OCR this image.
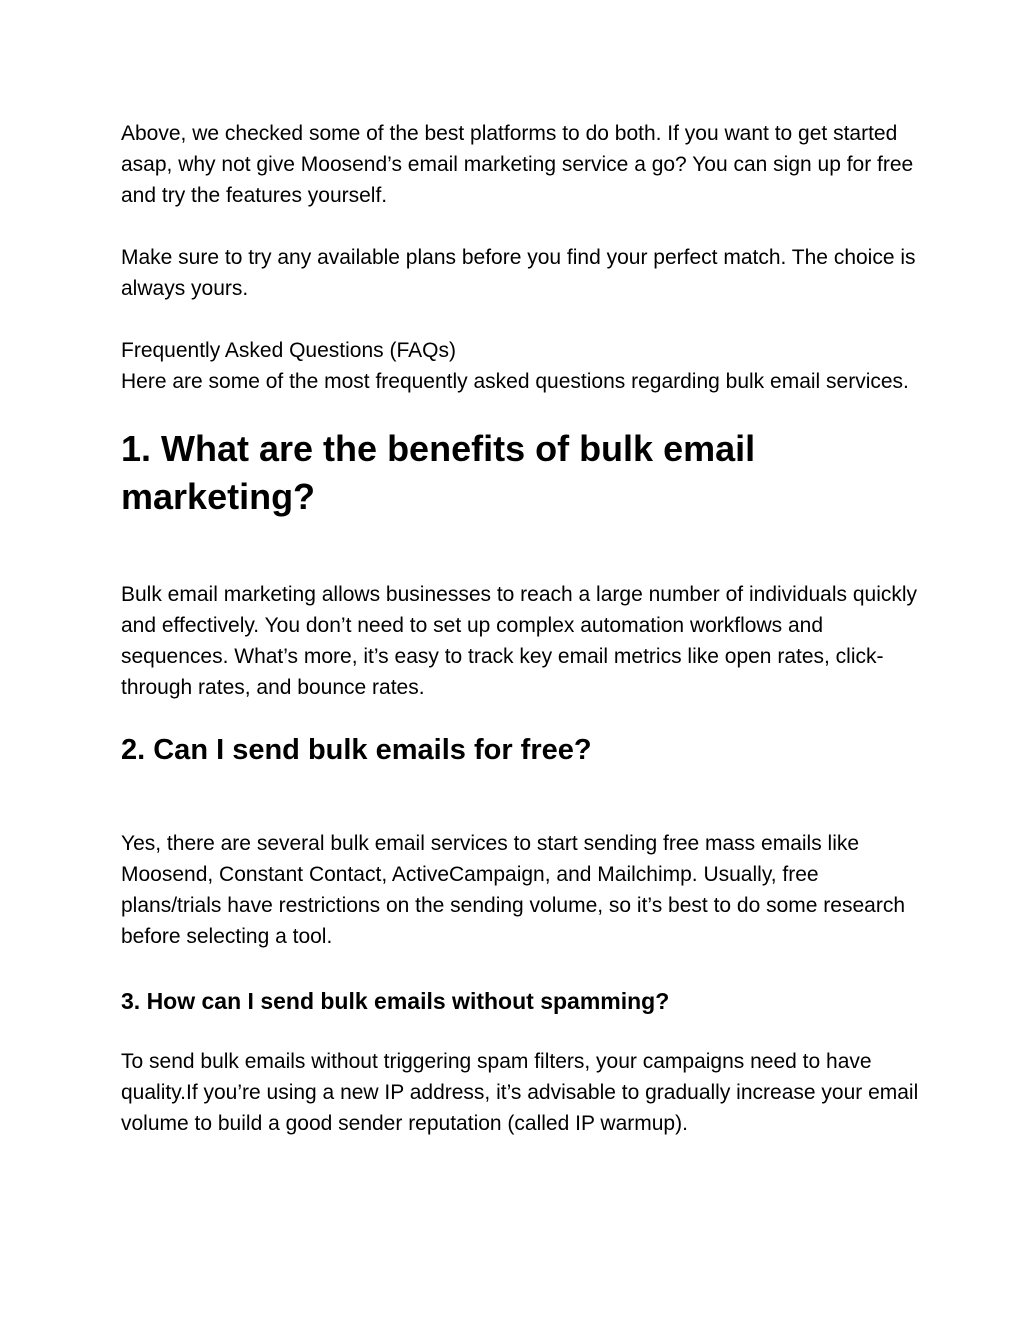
Above, we checked some of the best platforms to do both. If you want to get started asap, why not give Moosend’s email marketing service a go? You can sign up for free and try the features yourself.

Make sure to try any available plans before you find your perfect match. The choice is always yours.

Frequently Asked Questions (FAQs)

Here are some of the most frequently asked questions regarding bulk email services.

1. What are the benefits of bulk email marketing?

Bulk email marketing allows businesses to reach a large number of individuals quickly and effectively. You don’t need to set up complex automation workflows and sequences. What’s more, it’s easy to track key email metrics like open rates, click-through rates, and bounce rates.

2. Can I send bulk emails for free?

Yes, there are several bulk email services to start sending free mass emails like Moosend, Constant Contact, ActiveCampaign, and Mailchimp. Usually, free plans/trials have restrictions on the sending volume, so it’s best to do some research before selecting a tool.

3. How can I send bulk emails without spamming?

To send bulk emails without triggering spam filters, your campaigns need to have quality.If you’re using a new IP address, it’s advisable to gradually increase your email volume to build a good sender reputation (called IP warmup).
